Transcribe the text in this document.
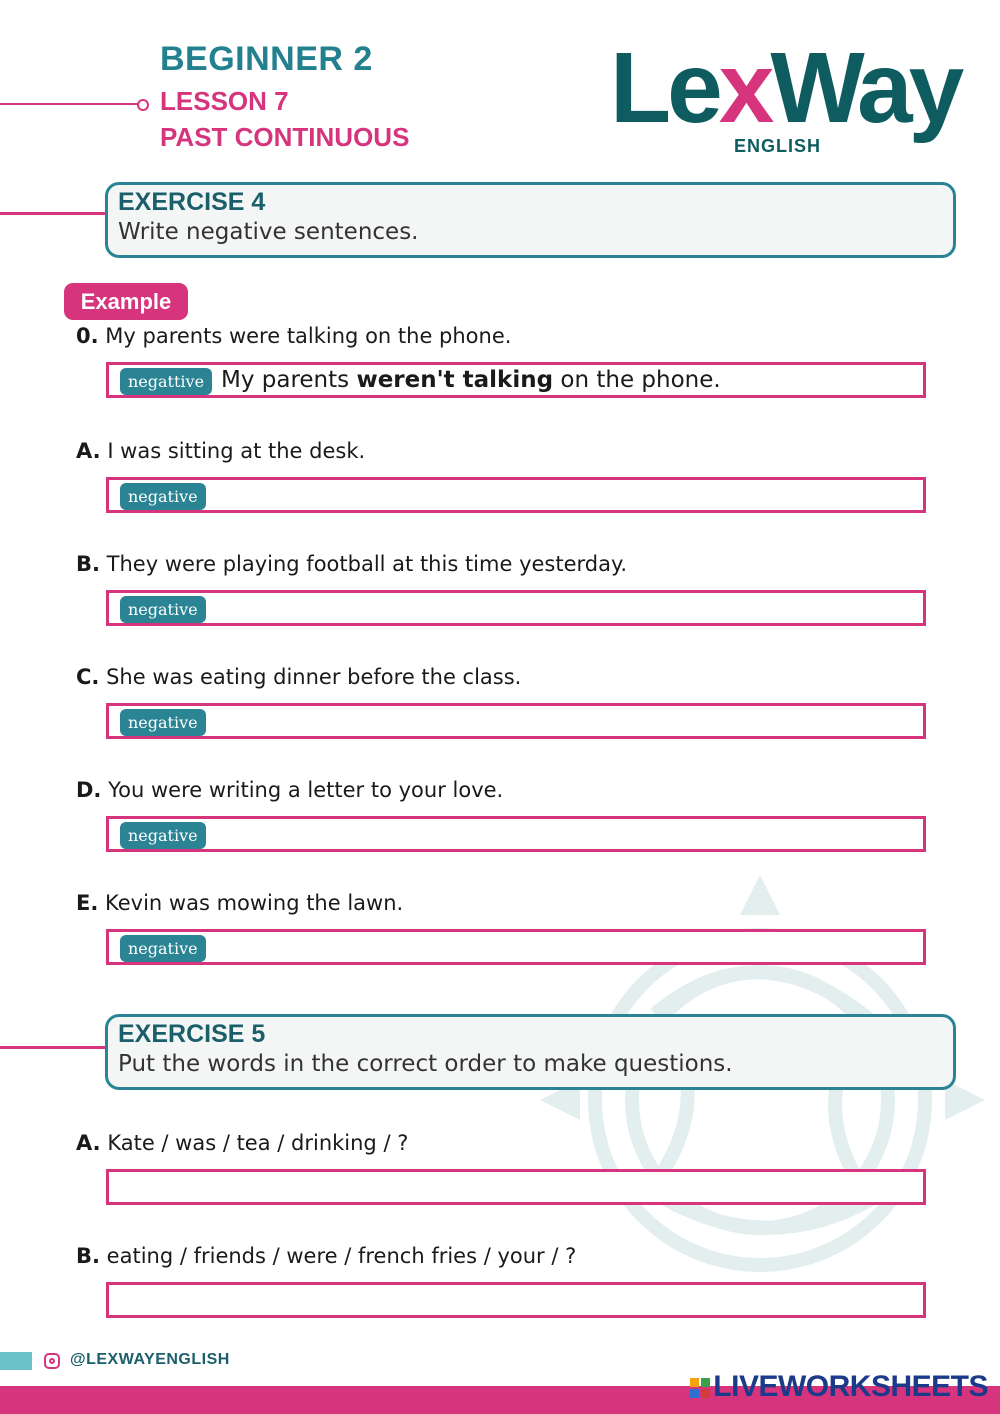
BEGINNER 2
LESSON 7
PAST CONTINUOUS LexWay
ENGLISH
EXERCISE 4
Write negative sentences.
Example
0. My parents were talking on the phone.
negattive My parents weren't talking on the phone.
A. I was sitting at the desk.
negative
B. They were playing football at this time yesterday.
negative
C. She was eating dinner before the class.
negative
D. You were writing a letter to your love.
negative
E. Kevin was mowing the lawn.
negative
EXERCISE 5
Put the words in the correct order to make questions.
A. Kate / was / tea / drinking / ?
B. eating / friends / were / french fries / your / ?
@LEXWAYENGLISH
LIVEWORKSHEETS
